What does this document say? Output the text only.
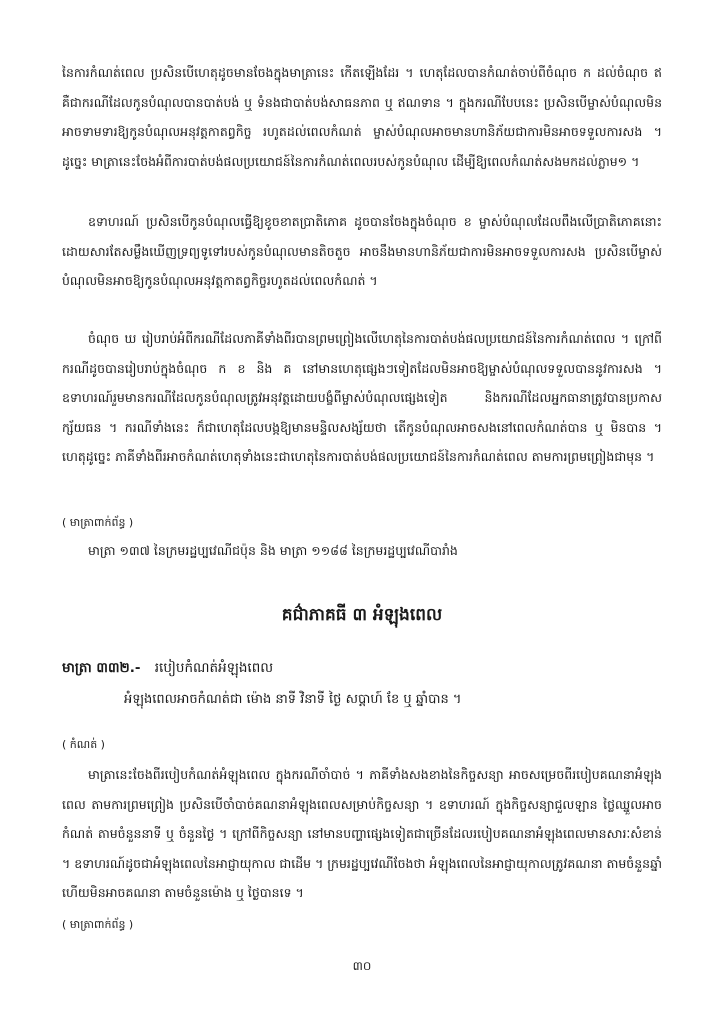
នៃការកំណត់ពេល ប្រសិនបើហេតុដូចមានចែងក្នុងមាត្រានេះ កើតឡើងដែរ ។ ហេតុដែលបានកំណត់ចាប់ពីចំណុច ក ដល់ចំណុច ឥ គឺជាករណីដែលកូនបំណុលបានបាត់បង់ ឬ ទំនងជាបាត់បង់សាធនភាព ឬ ឥណទាន ។ ក្នុងករណីបែបនេះ ប្រសិនបើម្ចាស់បំណុលមិនអាចទាមទារឱ្យកូនបំណុលអនុវត្តកាតព្វកិច្ច រហូតដល់ពេលកំណត់ ម្ចាស់បំណុលអាចមានហានិភ័យជាការមិនអាចទទួលការសង ។ ដូច្នេះ មាត្រានេះចែងអំពីការបាត់បង់ផលប្រយោជន៍នៃការកំណត់ពេលរបស់កូនបំណុល ដើម្បីឱ្យពេលកំណត់សងមកដល់ភ្លាម១ ។

ឧទាហរណ៍ ប្រសិនបើកូនបំណុលធ្វើឱ្យខូចខាតប្រាតិភោគ ដូចបានចែងក្នុងចំណុច ខ ម្ចាស់បំណុលដែលពឹងលើប្រាតិភោគនោះ ដោយសារតែសម្លឹងឃើញទ្រព្យទូទៅរបស់កូនបំណុលមានតិចតួច អាចនឹងមានហានិភ័យជាការមិនអាចទទួលការសង ប្រសិនបើម្ចាស់បំណុលមិនអាចឱ្យកូនបំណុលអនុវត្តកាតព្វកិច្ចរហូតដល់ពេលកំណត់ ។

ចំណុច ឃ រៀបរាប់អំពីករណីដែលភាគីទាំងពីរបានព្រមព្រៀងលើហេតុនៃការបាត់បង់ផលប្រយោជន៍នៃការកំណត់ពេល ។ ក្រៅពីករណីដូចបានរៀបរាប់ក្នុងចំណុច ក ខ និង គ នៅមានហេតុផ្សេងៗទៀតដែលមិនអាចឱ្យម្ចាស់បំណុលទទួលបាននូវការសង ។ ឧទាហរណ៍រួមមានករណីដែលកូនបំណុលត្រូវអនុវត្តដោយបង្ខំពីម្ចាស់បំណុលផ្សេងទៀត និងករណីដែលអ្នកធានាត្រូវបានប្រកាសក្ស័យធន ។ ករណីទាំងនេះ ក៏ជាហេតុដែលបង្កឱ្យមានមន្ទិលសង្ស័យថា តើកូនបំណុលអាចសងនៅពេលកំណត់បាន ឬ មិនបាន ។ ហេតុដូច្នេះ ភាគីទាំងពីរអាចកំណត់ហេតុទាំងនេះជាហេតុនៃការបាត់បង់ផលប្រយោជន៍នៃការកំណត់ពេល តាមការព្រមព្រៀងជាមុន ។

( មាត្រាពាក់ព័ន្ធ )

មាត្រា ១៣៧ នៃក្រមរដ្ឋប្បវេណីជប៉ុន និង មាត្រា ១១៨៨ នៃក្រមរដ្ឋប្បវេណីបារាំង

គជ៌ាភាគធី ៣ អំឡុងពេល

មាត្រា ៣៣២.- របៀបកំណត់អំឡុងពេល

អំឡុងពេលអាចកំណត់ជា ម៉ោង នាទី វិនាទី ថ្ងៃ សប្តាហ៍ ខែ ឬ ឆ្នាំបាន ។

( កំណត់ )

មាត្រានេះចែងពីរបៀបកំណត់អំឡុងពេល ក្នុងករណីចាំបាច់ ។ ភាគីទាំងសងខាងនៃកិច្ចសន្យា អាចសម្រេចពីរបៀបគណនាអំឡុងពេល តាមការព្រមព្រៀង ប្រសិនបើចាំបាច់គណនាអំឡុងពេលសម្រាប់កិច្ចសន្យា ។ ឧទាហរណ៍ ក្នុងកិច្ចសន្យាជួលឡាន ថ្លៃឈ្នួលអាចកំណត់ តាមចំនួននាទី ឬ ចំនួនថ្ងៃ ។ ក្រៅពីកិច្ចសន្យា នៅមានបញ្ហាផ្សេងទៀតជាច្រើនដែលរបៀបគណនាអំឡុងពេលមានសារៈសំខាន់ ។ ឧទាហរណ៍ដូចជាអំឡុងពេលនៃអាជ្ញាយុកាល ជាដើម ។ ក្រមរដ្ឋប្បវេណីចែងថា អំឡុងពេលនៃអាជ្ញាយុកាលត្រូវគណនា តាមចំនួនឆ្នាំ ហើយមិនអាចគណនា តាមចំនួនម៉ោង ឬ ថ្ងៃបានទេ ។

( មាត្រាពាក់ព័ន្ធ )

៣០
